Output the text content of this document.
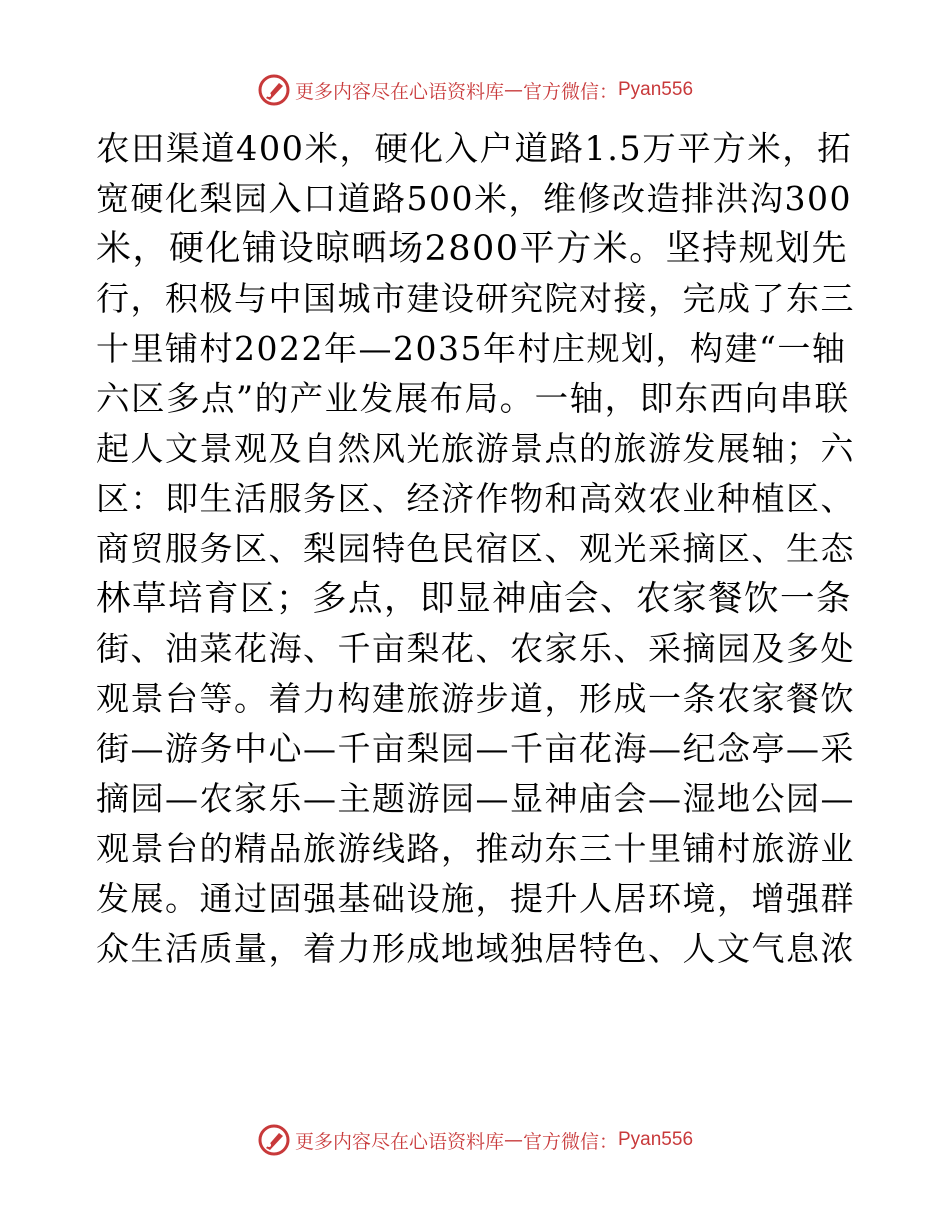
更多内容尽在心语资料库 — 官方微信： Pyan556
农田渠道400米，硬化入户道路1.5万平方米，拓
宽硬化梨园入口道路500米，维修改造排洪沟300
米，硬化铺设晾晒场2800平方米。坚持规划先
行，积极与中国城市建设研究院对接，完成了东三
十里铺村2022年—2035年村庄规划，构建“一轴
六区多点”的产业发展布局。一轴，即东西向串联
起人文景观及自然风光旅游景点的旅游发展轴；六
区：即生活服务区、经济作物和高效农业种植区、
商贸服务区、梨园特色民宿区、观光采摘区、生态
林草培育区；多点，即显神庙会、农家餐饮一条
街、油菜花海、千亩梨花、农家乐、采摘园及多处
观景台等。着力构建旅游步道，形成一条农家餐饮
街—游务中心—千亩梨园—千亩花海—纪念亭—采
摘园—农家乐—主题游园—显神庙会—湿地公园—
观景台的精品旅游线路，推动东三十里铺村旅游业
发展。通过固强基础设施，提升人居环境，增强群
众生活质量，着力形成地域独居特色、人文气息浓
更多内容尽在心语资料库 — 官方微信： Pyan556
